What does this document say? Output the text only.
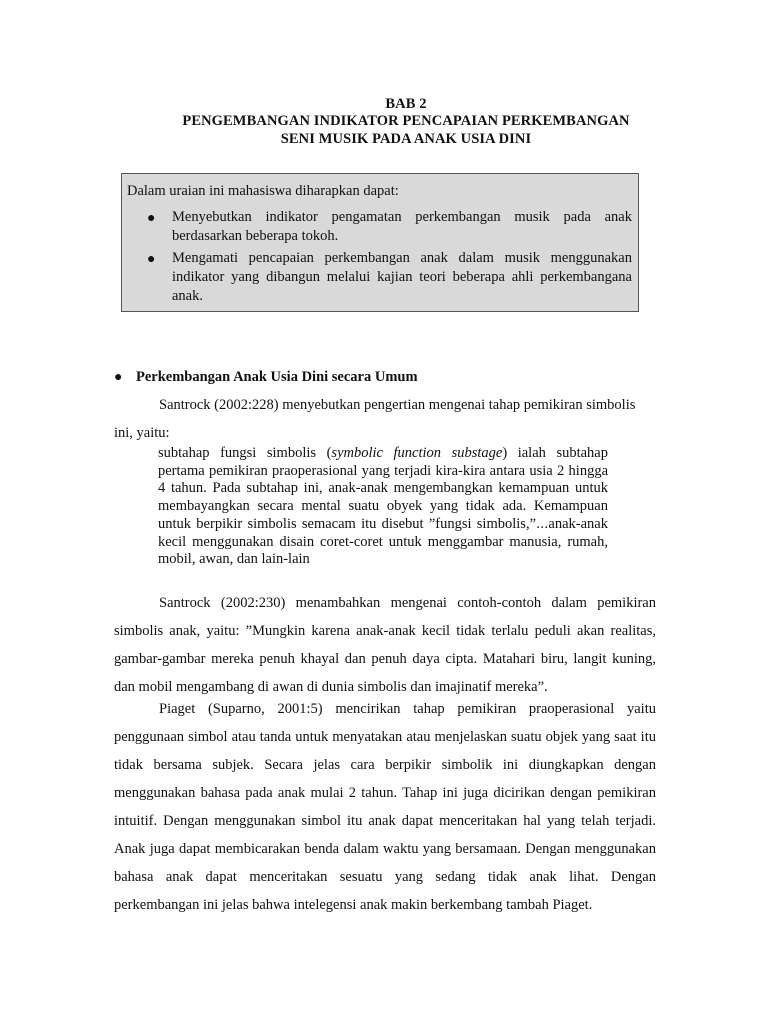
BAB 2
PENGEMBANGAN INDIKATOR PENCAPAIAN PERKEMBANGAN
SENI MUSIK PADA ANAK USIA DINI
Dalam uraian ini mahasiswa diharapkan dapat:
● Menyebutkan indikator pengamatan perkembangan musik pada anak berdasarkan beberapa tokoh.
● Mengamati pencapaian perkembangan anak dalam musik menggunakan indikator yang dibangun melalui kajian teori beberapa ahli perkembangana anak.
● Perkembangan Anak Usia Dini secara Umum
Santrock (2002:228) menyebutkan pengertian mengenai tahap pemikiran simbolis
ini, yaitu:
subtahap fungsi simbolis (symbolic function substage) ialah subtahap pertama pemikiran praoperasional yang terjadi kira-kira antara usia 2 hingga 4 tahun. Pada subtahap ini, anak-anak mengembangkan kemampuan untuk membayangkan secara mental suatu obyek yang tidak ada. Kemampuan untuk berpikir simbolis semacam itu disebut ”fungsi simbolis,”...anak-anak kecil menggunakan disain coret-coret untuk menggambar manusia, rumah, mobil, awan, dan lain-lain
Santrock (2002:230) menambahkan mengenai contoh-contoh dalam pemikiran simbolis anak, yaitu: ”Mungkin karena anak-anak kecil tidak terlalu peduli akan realitas, gambar-gambar mereka penuh khayal dan penuh daya cipta. Matahari biru, langit kuning, dan mobil mengambang di awan di dunia simbolis dan imajinatif mereka”.
Piaget (Suparno, 2001:5) mencirikan tahap pemikiran praoperasional yaitu penggunaan simbol atau tanda untuk menyatakan atau menjelaskan suatu objek yang saat itu tidak bersama subjek. Secara jelas cara berpikir simbolik ini diungkapkan dengan menggunakan bahasa pada anak mulai 2 tahun. Tahap ini juga dicirikan dengan pemikiran intuitif. Dengan menggunakan simbol itu anak dapat menceritakan hal yang telah terjadi. Anak juga dapat membicarakan benda dalam waktu yang bersamaan. Dengan menggunakan bahasa anak dapat menceritakan sesuatu yang sedang tidak anak lihat. Dengan perkembangan ini jelas bahwa intelegensi anak makin berkembang tambah Piaget.
